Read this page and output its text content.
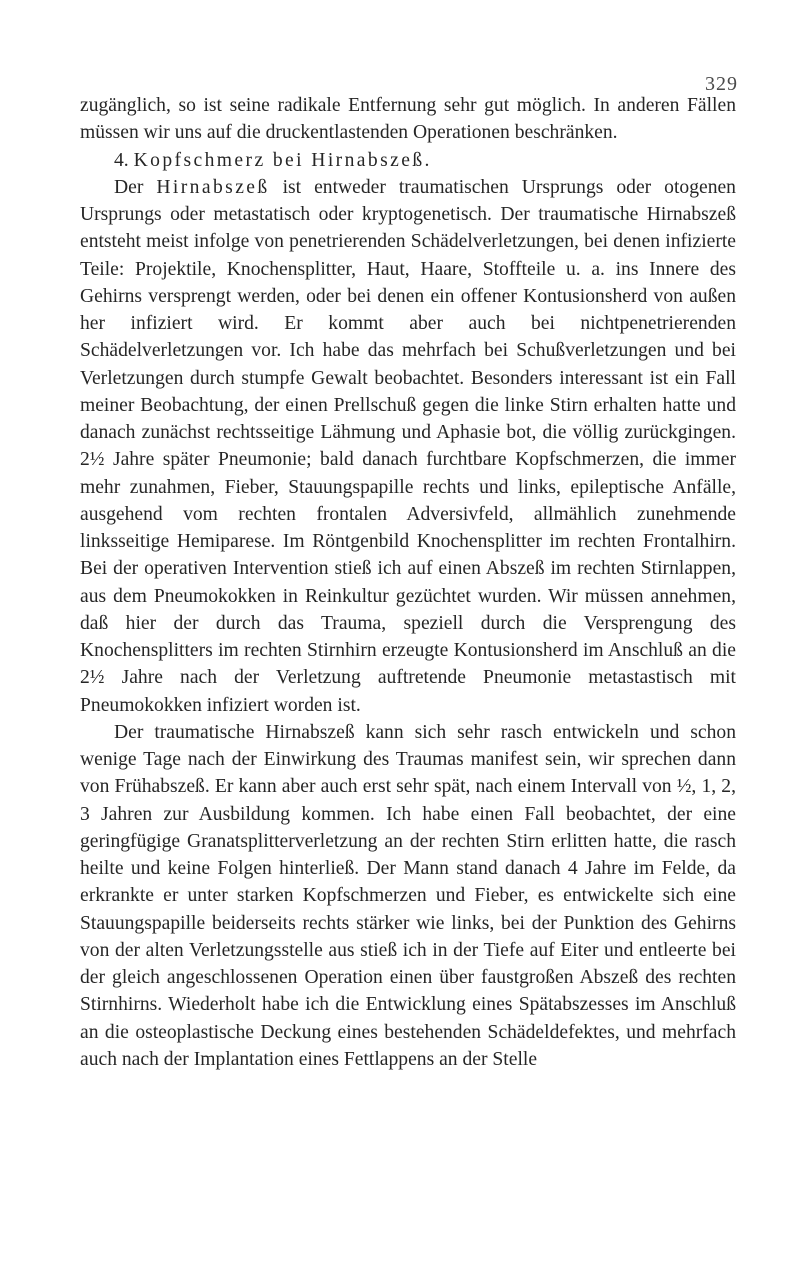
329

zugänglich, so ist seine radikale Entfernung sehr gut möglich. In anderen Fällen müssen wir uns auf die druckentlastenden Operationen beschränken.

4. Kopfschmerz bei Hirnabszeß.

Der Hirnabszeß ist entweder traumatischen Ursprungs oder otogenen Ursprungs oder metastatisch oder kryptogenetisch. Der traumatische Hirnabszeß entsteht meist infolge von penetrierenden Schädelverletzungen, bei denen infizierte Teile: Projektile, Knochensplitter, Haut, Haare, Stoffteile u. a. ins Innere des Gehirns versprengt werden, oder bei denen ein offener Kontusionsherd von außen her infiziert wird. Er kommt aber auch bei nichtpenetrierenden Schädelverletzungen vor. Ich habe das mehrfach bei Schußverletzungen und bei Verletzungen durch stumpfe Gewalt beobachtet. Besonders interessant ist ein Fall meiner Beobachtung, der einen Prellschuß gegen die linke Stirn erhalten hatte und danach zunächst rechtsseitige Lähmung und Aphasie bot, die völlig zurückgingen. 2½ Jahre später Pneumonie; bald danach furchtbare Kopfschmerzen, die immer mehr zunahmen, Fieber, Stauungspapille rechts und links, epileptische Anfälle, ausgehend vom rechten frontalen Adversivfeld, allmählich zunehmende linksseitige Hemiparese. Im Röntgenbild Knochensplitter im rechten Frontalhirn. Bei der operativen Intervention stieß ich auf einen Abszeß im rechten Stirnlappen, aus dem Pneumokokken in Reinkultur gezüchtet wurden. Wir müssen annehmen, daß hier der durch das Trauma, speziell durch die Versprengung des Knochensplitters im rechten Stirnhirn erzeugte Kontusionsherd im Anschluß an die 2½ Jahre nach der Verletzung auftretende Pneumonie metastastisch mit Pneumokokken infiziert worden ist.

Der traumatische Hirnabszeß kann sich sehr rasch entwickeln und schon wenige Tage nach der Einwirkung des Traumas manifest sein, wir sprechen dann von Frühabszeß. Er kann aber auch erst sehr spät, nach einem Intervall von ½, 1, 2, 3 Jahren zur Ausbildung kommen. Ich habe einen Fall beobachtet, der eine geringfügige Granatsplitterverletzung an der rechten Stirn erlitten hatte, die rasch heilte und keine Folgen hinterließ. Der Mann stand danach 4 Jahre im Felde, da erkrankte er unter starken Kopfschmerzen und Fieber, es entwickelte sich eine Stauungspapille beiderseits rechts stärker wie links, bei der Punktion des Gehirns von der alten Verletzungsstelle aus stieß ich in der Tiefe auf Eiter und entleerte bei der gleich angeschlossenen Operation einen über faustgroßen Abszeß des rechten Stirnhirns. Wiederholt habe ich die Entwicklung eines Spätabszesses im Anschluß an die osteoplastische Deckung eines bestehenden Schädeldefektes, und mehrfach auch nach der Implantation eines Fettlappens an der Stelle
